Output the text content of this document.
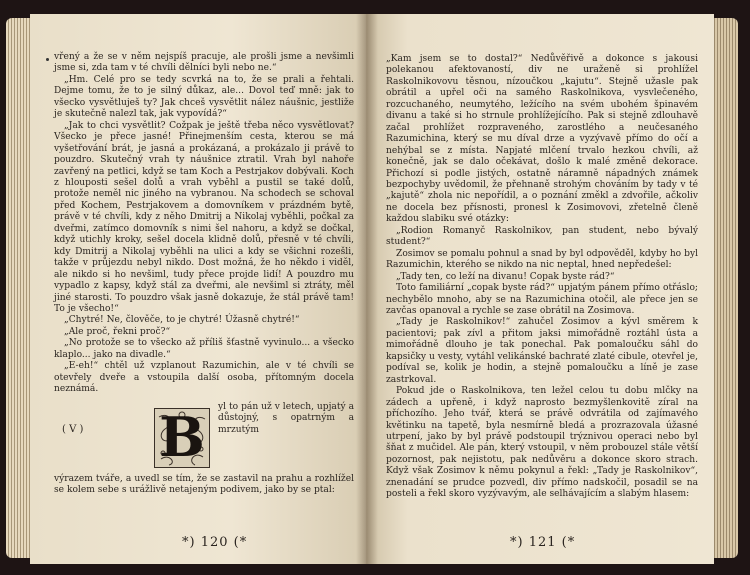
vřený a že se v něm nejspíš pracuje, ale prošli jsme a nevšimli jsme si, zda tam v té chvíli dělníci byli nebo ne.“

„Hm. Celé pro se tedy scvrká na to, že se prali a řehtali. Dejme tomu, že to je silný důkaz, ale... Dovol teď mně: jak to všecko vysvětluješ ty? Jak chceš vysvětlit nález náušnic, jestliže je skutečně nalezl tak, jak vypovídá?“

„Jak to chci vysvětlit? Cožpak je ještě třeba něco vysvětlovat? Všecko je přece jasné! Přinejmenším cesta, kterou se má vyšetřování brát, je jasná a prokázaná, a prokázalo ji právě to pouzdro. Skutečný vrah ty náušnice ztratil. Vrah byl nahoře zavřený na petlici, když se tam Koch a Pestrjakov dobývali. Koch z hlouposti sešel dolů a vrah vyběhl a pustil se také dolů, protože neměl nic jiného na vybranou. Na schodech se schoval před Kochem, Pestrjakovem a domovníkem v prázdném bytě, právě v té chvíli, kdy z něho Dmitrij a Nikolaj vyběhli, počkal za dveřmi, zatímco domovník s nimi šel nahoru, a když se dočkal, když utichly kroky, sešel docela klidně dolů, přesně v té chvíli, kdy Dmitrij a Nikolaj vyběhli na ulici a kdy se všichni rozešli, takže v průjezdu nebyl nikdo. Dost možná, že ho někdo i viděl, ale nikdo si ho nevšiml, tudy přece projde lidí! A pouzdro mu vypadlo z kapsy, když stál za dveřmi, ale nevšiml si ztráty, měl jiné starosti. To pouzdro však jasně dokazuje, že stál právě tam! To je všecho!“

„Chytré! Ne, člověče, to je chytré! Úžasně chytré!“

„Ale proč, řekni proč?“

„No protože se to všecko až příliš šťastně vyvinulo... a všecko klaplo... jako na divadle.“

„E-eh!“ chtěl už vzplanout Razumichin, ale v té chvíli se otevřely dveře a vstoupila další osoba, přítomným docela neznámá.

( V ) B yl to pán už v letech, upjatý a důstojný, s opatrným a mrzutým
výrazem tváře, a uvedl se tím, že se zastavil na prahu a rozhlížel se kolem sebe s urážlivě netajeným podivem, jako by se ptal:
*) 120 (*

„Kam jsem se to dostal?“ Nedůvěřivě a dokonce s jakousi polekanou afektovaností, div ne uraženě si prohlížel Raskolnikovovu těsnou, nízoučkou „kajutu“. Stejně užasle pak obrátil a upřel oči na samého Raskolnikova, vysvlečeného, rozcuchaného, neumytého, ležícího na svém ubohém špinavém divanu a také si ho strnule prohlížejícího. Pak si stejně zdlouhavě začal prohlížet rozpraveného, zarostlého a neučesaného Razumichina, který se mu díval drze a vyzývavě přímo do očí a nehýbal se z místa. Napjaté mlčení trvalo hezkou chvíli, až konečně, jak se dalo očekávat, došlo k malé změně dekorace. Přichozí si podle jistých, ostatně náramně nápadných známek bezpochyby uvědomil, že přehnaně strohým chováním by tady v té „kajutě“ zhola nic nepořídil, a o poznání změkl a zdvořile, ačkoliv ne docela bez přísnosti, pronesl k Zosimovovi, zřetelně členě každou slabiku své otázky:

„Rodion Romanyč Raskolnikov, pan student, nebo bývalý student?“

Zosimov se pomalu pohnul a snad by byl odpověděl, kdyby ho byl Razumichin, kterého se nikdo na nic neptal, hned nepředešel:

„Tady ten, co leží na divanu! Copak byste rád?“

Toto familiární „copak byste rád?“ upjatým pánem přímo otřáslo; nechybělo mnoho, aby se na Razumichina otočil, ale přece jen se zavčas opanoval a rychle se zase obrátil na Zosimova.

„Tady je Raskolnikov!“ zahučel Zosimov a kývl směrem k pacientovi; pak zívl a přitom jaksi mimořádně roztáhl ústa a mimořádně dlouho je tak ponechal. Pak pomaloučku sáhl do kapsičky u vesty, vytáhl velikánské bachraté zlaté cibule, otevřel je, podíval se, kolik je hodin, a stejně pomaloučku a líně je zase zastrkoval.

Pokud jde o Raskolnikova, ten ležel celou tu dobu mlčky na zádech a upřeně, i když naprosto bezmyšlenkovitě zíral na příchozího. Jeho tvář, která se právě odvrátila od zajímavého květinku na tapetě, byla nesmírně bledá a prozrazovala úžasné utrpení, jako by byl právě podstoupil trýznivou operaci nebo byl šňat z mučidel. Ale pán, který vstoupil, v něm probouzel stále větší pozornost, pak nejistotu, pak nedůvěru a dokonce skoro strach. Když však Zosimov k němu pokynul a řekl: „Tady je Raskolnikov“, znenadání se prudce pozvedl, div přímo nadskočil, posadil se na posteli a řekl skoro vyzývavým, ale selhávajícím a slabým hlasem:

*) 121 (*
